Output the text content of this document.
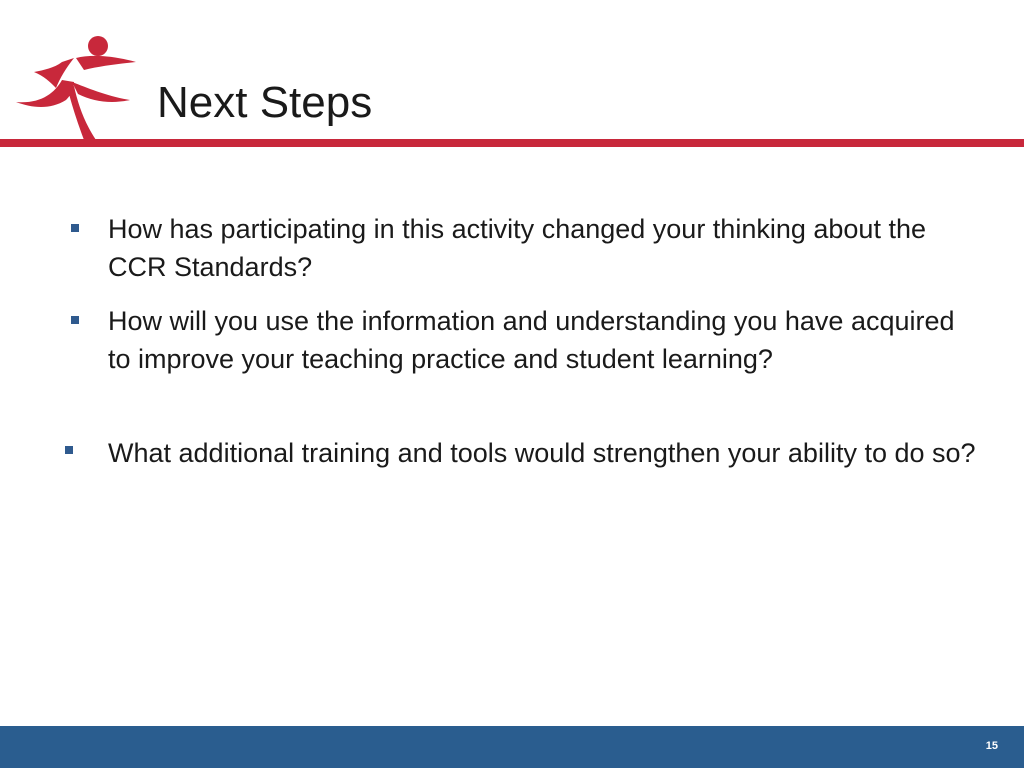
Next Steps
How has participating in this activity changed your thinking about the CCR Standards?
How will you use the information and understanding you have acquired to improve your teaching practice and student learning?
What additional training and tools would strengthen your ability to do so?
15
